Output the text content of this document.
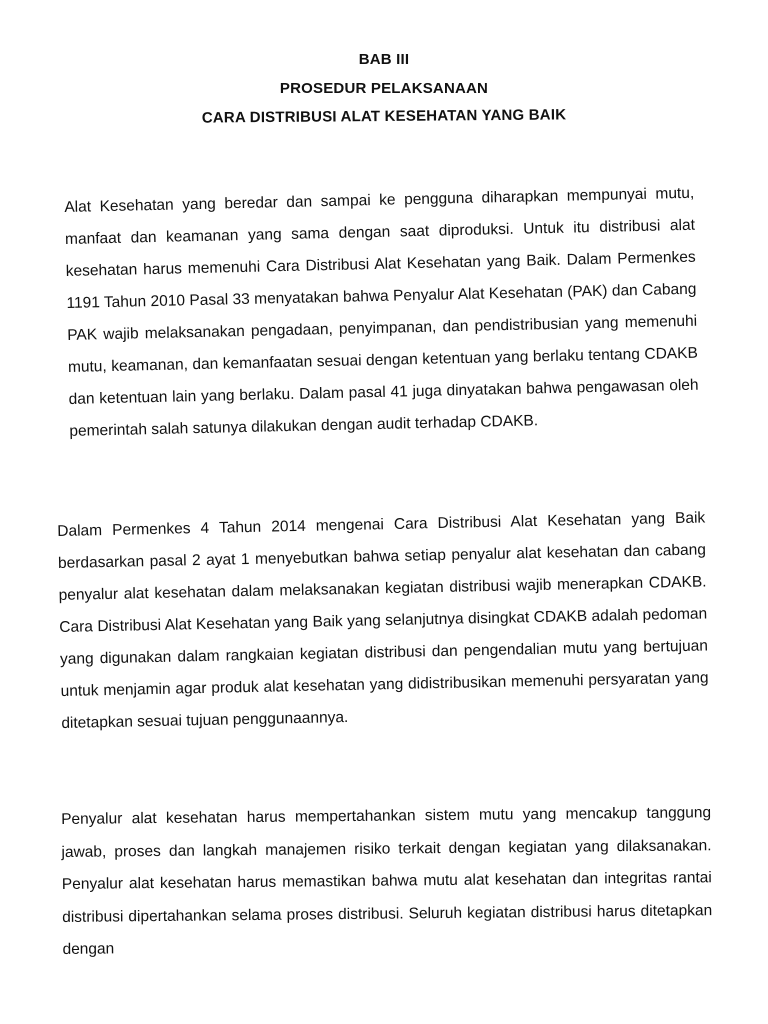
BAB III
PROSEDUR PELAKSANAAN
CARA DISTRIBUSI ALAT KESEHATAN YANG BAIK

Alat Kesehatan yang beredar dan sampai ke pengguna diharapkan mempunyai mutu, manfaat dan keamanan yang sama dengan saat diproduksi. Untuk itu distribusi alat kesehatan harus memenuhi Cara Distribusi Alat Kesehatan yang Baik. Dalam Permenkes 1191 Tahun 2010 Pasal 33 menyatakan bahwa Penyalur Alat Kesehatan (PAK) dan Cabang PAK wajib melaksanakan pengadaan, penyimpanan, dan pendistribusian yang memenuhi mutu, keamanan, dan kemanfaatan sesuai dengan ketentuan yang berlaku tentang CDAKB dan ketentuan lain yang berlaku. Dalam pasal 41 juga dinyatakan bahwa pengawasan oleh pemerintah salah satunya dilakukan dengan audit terhadap CDAKB.

Dalam Permenkes 4 Tahun 2014 mengenai Cara Distribusi Alat Kesehatan yang Baik berdasarkan pasal 2 ayat 1 menyebutkan bahwa setiap penyalur alat kesehatan dan cabang penyalur alat kesehatan dalam melaksanakan kegiatan distribusi wajib menerapkan CDAKB. Cara Distribusi Alat Kesehatan yang Baik yang selanjutnya disingkat CDAKB adalah pedoman yang digunakan dalam rangkaian kegiatan distribusi dan pengendalian mutu yang bertujuan untuk menjamin agar produk alat kesehatan yang didistribusikan memenuhi persyaratan yang ditetapkan sesuai tujuan penggunaannya.

Penyalur alat kesehatan harus mempertahankan sistem mutu yang mencakup tanggung jawab, proses dan langkah manajemen risiko terkait dengan kegiatan yang dilaksanakan. Penyalur alat kesehatan harus memastikan bahwa mutu alat kesehatan dan integritas rantai distribusi dipertahankan selama proses distribusi. Seluruh kegiatan distribusi harus ditetapkan dengan
